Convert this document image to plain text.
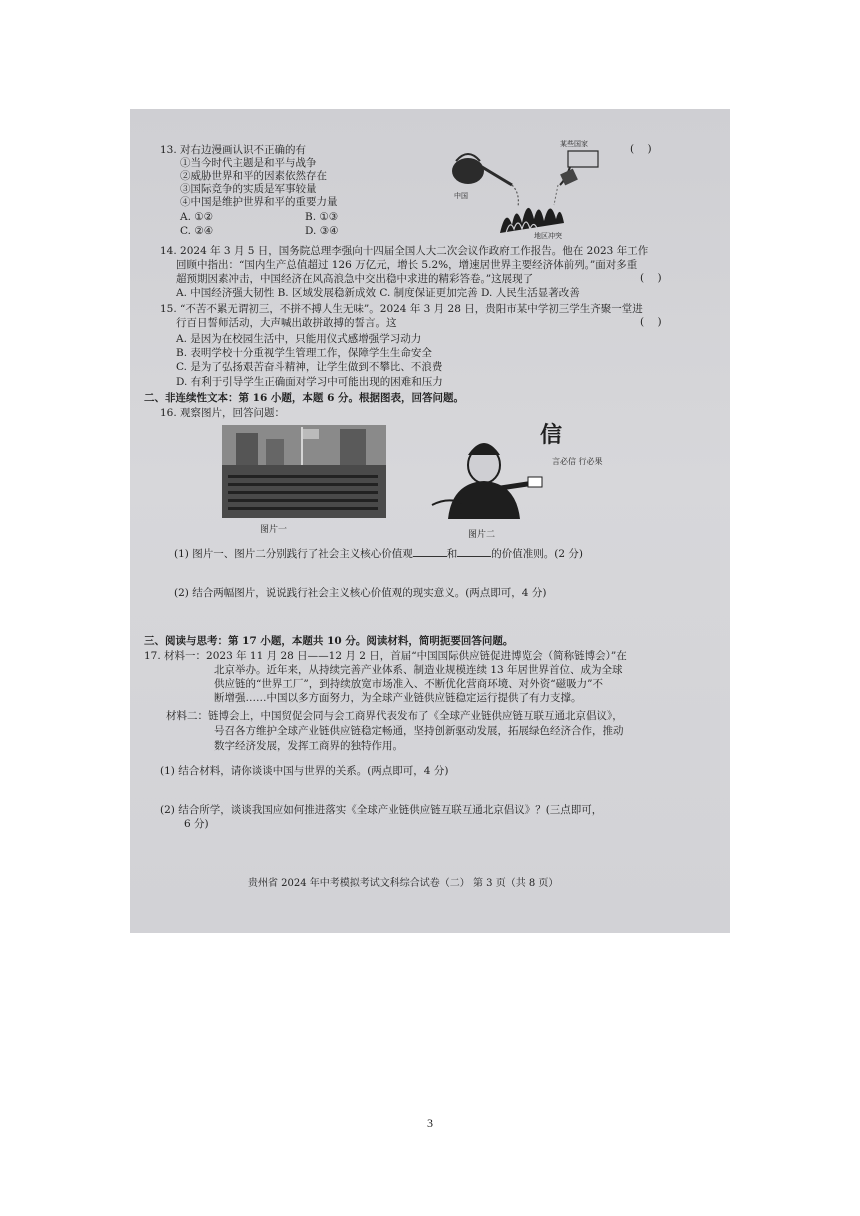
13. 对右边漫画认识不正确的有	(    )
①当今时代主题是和平与战争
②威胁世界和平的因素依然存在
③国际竞争的实质是军事较量
④中国是维护世界和平的重要力量
A. ①②	B. ①③
C. ②④	D. ③④
某些国家
中国
地区冲突
14. 2024 年 3 月 5 日，国务院总理李强向十四届全国人大二次会议作政府工作报告。他在 2023 年工作
回顾中指出：“国内生产总值超过 126 万亿元，增长 5.2%，增速居世界主要经济体前列。”面对多重
超预期因素冲击，中国经济在风高浪急中交出稳中求进的精彩答卷。”这展现了	(    )
A. 中国经济强大韧性 B. 区域发展稳新成效 C. 制度保证更加完善 D. 人民生活显著改善
15. “不苦不累无谓初三，不拼不搏人生无味”。2024 年 3 月 28 日，贵阳市某中学初三学生齐聚一堂进
行百日誓师活动，大声喊出敢拼敢搏的誓言。这	(    )
A. 是因为在校园生活中，只能用仪式感增强学习动力
B. 表明学校十分重视学生管理工作，保障学生生命安全
C. 是为了弘扬艰苦奋斗精神，让学生做到不攀比、不浪费
D. 有利于引导学生正确面对学习中可能出现的困难和压力
二、非连续性文本：第 16 小题，本题 6 分。根据图表，回答问题。
16. 观察图片，回答问题：
图片一
信
言必信 行必果
图片二
(1) 图片一、图片二分别践行了社会主义核心价值观	和	的价值准则。(2 分)
(2) 结合两幅图片，说说践行社会主义核心价值观的现实意义。(两点即可，4 分)
三、阅读与思考：第 17 小题，本题共 10 分。阅读材料，简明扼要回答问题。
17. 材料一：2023 年 11 月 28 日——12 月 2 日，首届“中国国际供应链促进博览会（简称链博会）”在
北京举办。近年来，从持续完善产业体系、制造业规模连续 13 年居世界首位、成为全球
供应链的“世界工厂”，到持续放宽市场准入、不断优化营商环境、对外资“磁吸力”不
断增强……中国以多方面努力，为全球产业链供应链稳定运行提供了有力支撑。
材料二：链博会上，中国贸促会同与会工商界代表发布了《全球产业链供应链互联互通北京倡议》，
号召各方维护全球产业链供应链稳定畅通，坚持创新驱动发展，拓展绿色经济合作，推动
数字经济发展，发挥工商界的独特作用。
(1) 结合材料，请你谈谈中国与世界的关系。(两点即可，4 分)
(2) 结合所学，谈谈我国应如何推进落实《全球产业链供应链互联互通北京倡议》？(三点即可，
6 分)
贵州省 2024 年中考模拟考试文科综合试卷（二） 第 3 页（共 8 页）
3
